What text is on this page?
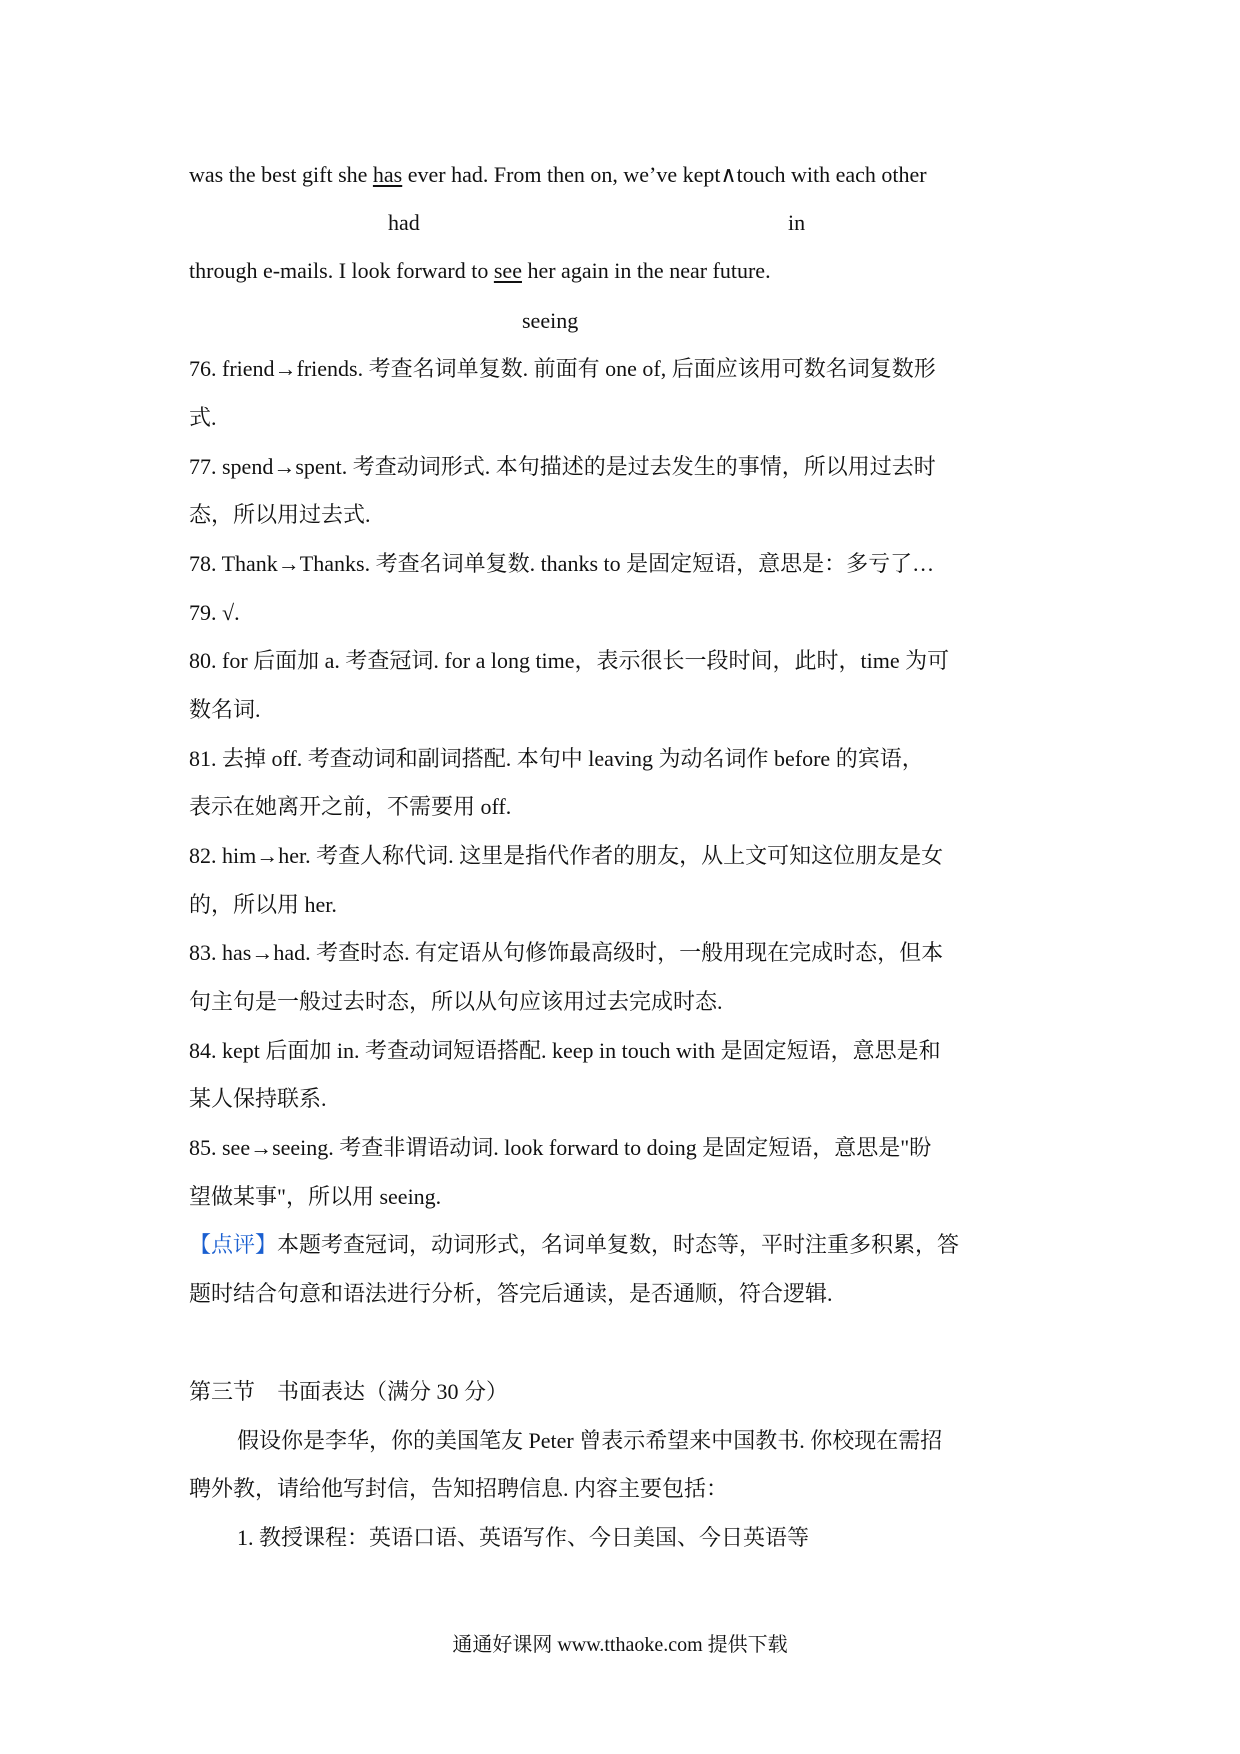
was the best gift she has ever had. From then on, we’ve kept∧touch with each other
had	in
through e-mails. I look forward to see her again in the near future.
seeing
76. friend→friends. 考查名词单复数. 前面有 one of, 后面应该用可数名词复数形
式.
77. spend→spent. 考查动词形式. 本句描述的是过去发生的事情，所以用过去时
态，所以用过去式.
78. Thank→Thanks. 考查名词单复数. thanks to 是固定短语，意思是：多亏了…
79. √.
80. for 后面加 a. 考查冠词. for a long time，表示很长一段时间，此时，time 为可
数名词.
81. 去掉 off. 考查动词和副词搭配. 本句中 leaving 为动名词作 before 的宾语，
表示在她离开之前，不需要用 off.
82. him→her. 考查人称代词. 这里是指代作者的朋友，从上文可知这位朋友是女
的，所以用 her.
83. has→had. 考查时态. 有定语从句修饰最高级时，一般用现在完成时态，但本
句主句是一般过去时态，所以从句应该用过去完成时态.
84. kept 后面加 in. 考查动词短语搭配. keep in touch with 是固定短语，意思是和
某人保持联系.
85. see→seeing. 考查非谓语动词. look forward to doing 是固定短语，意思是"盼
望做某事"，所以用 seeing.
【点评】本题考查冠词，动词形式，名词单复数，时态等，平时注重多积累，答
题时结合句意和语法进行分析，答完后通读，是否通顺，符合逻辑.
第三节　书面表达（满分 30 分）
假设你是李华，你的美国笔友 Peter 曾表示希望来中国教书. 你校现在需招
聘外教，请给他写封信，告知招聘信息. 内容主要包括：
1. 教授课程：英语口语、英语写作、今日美国、今日英语等
通通好课网 www.tthaoke.com 提供下载
